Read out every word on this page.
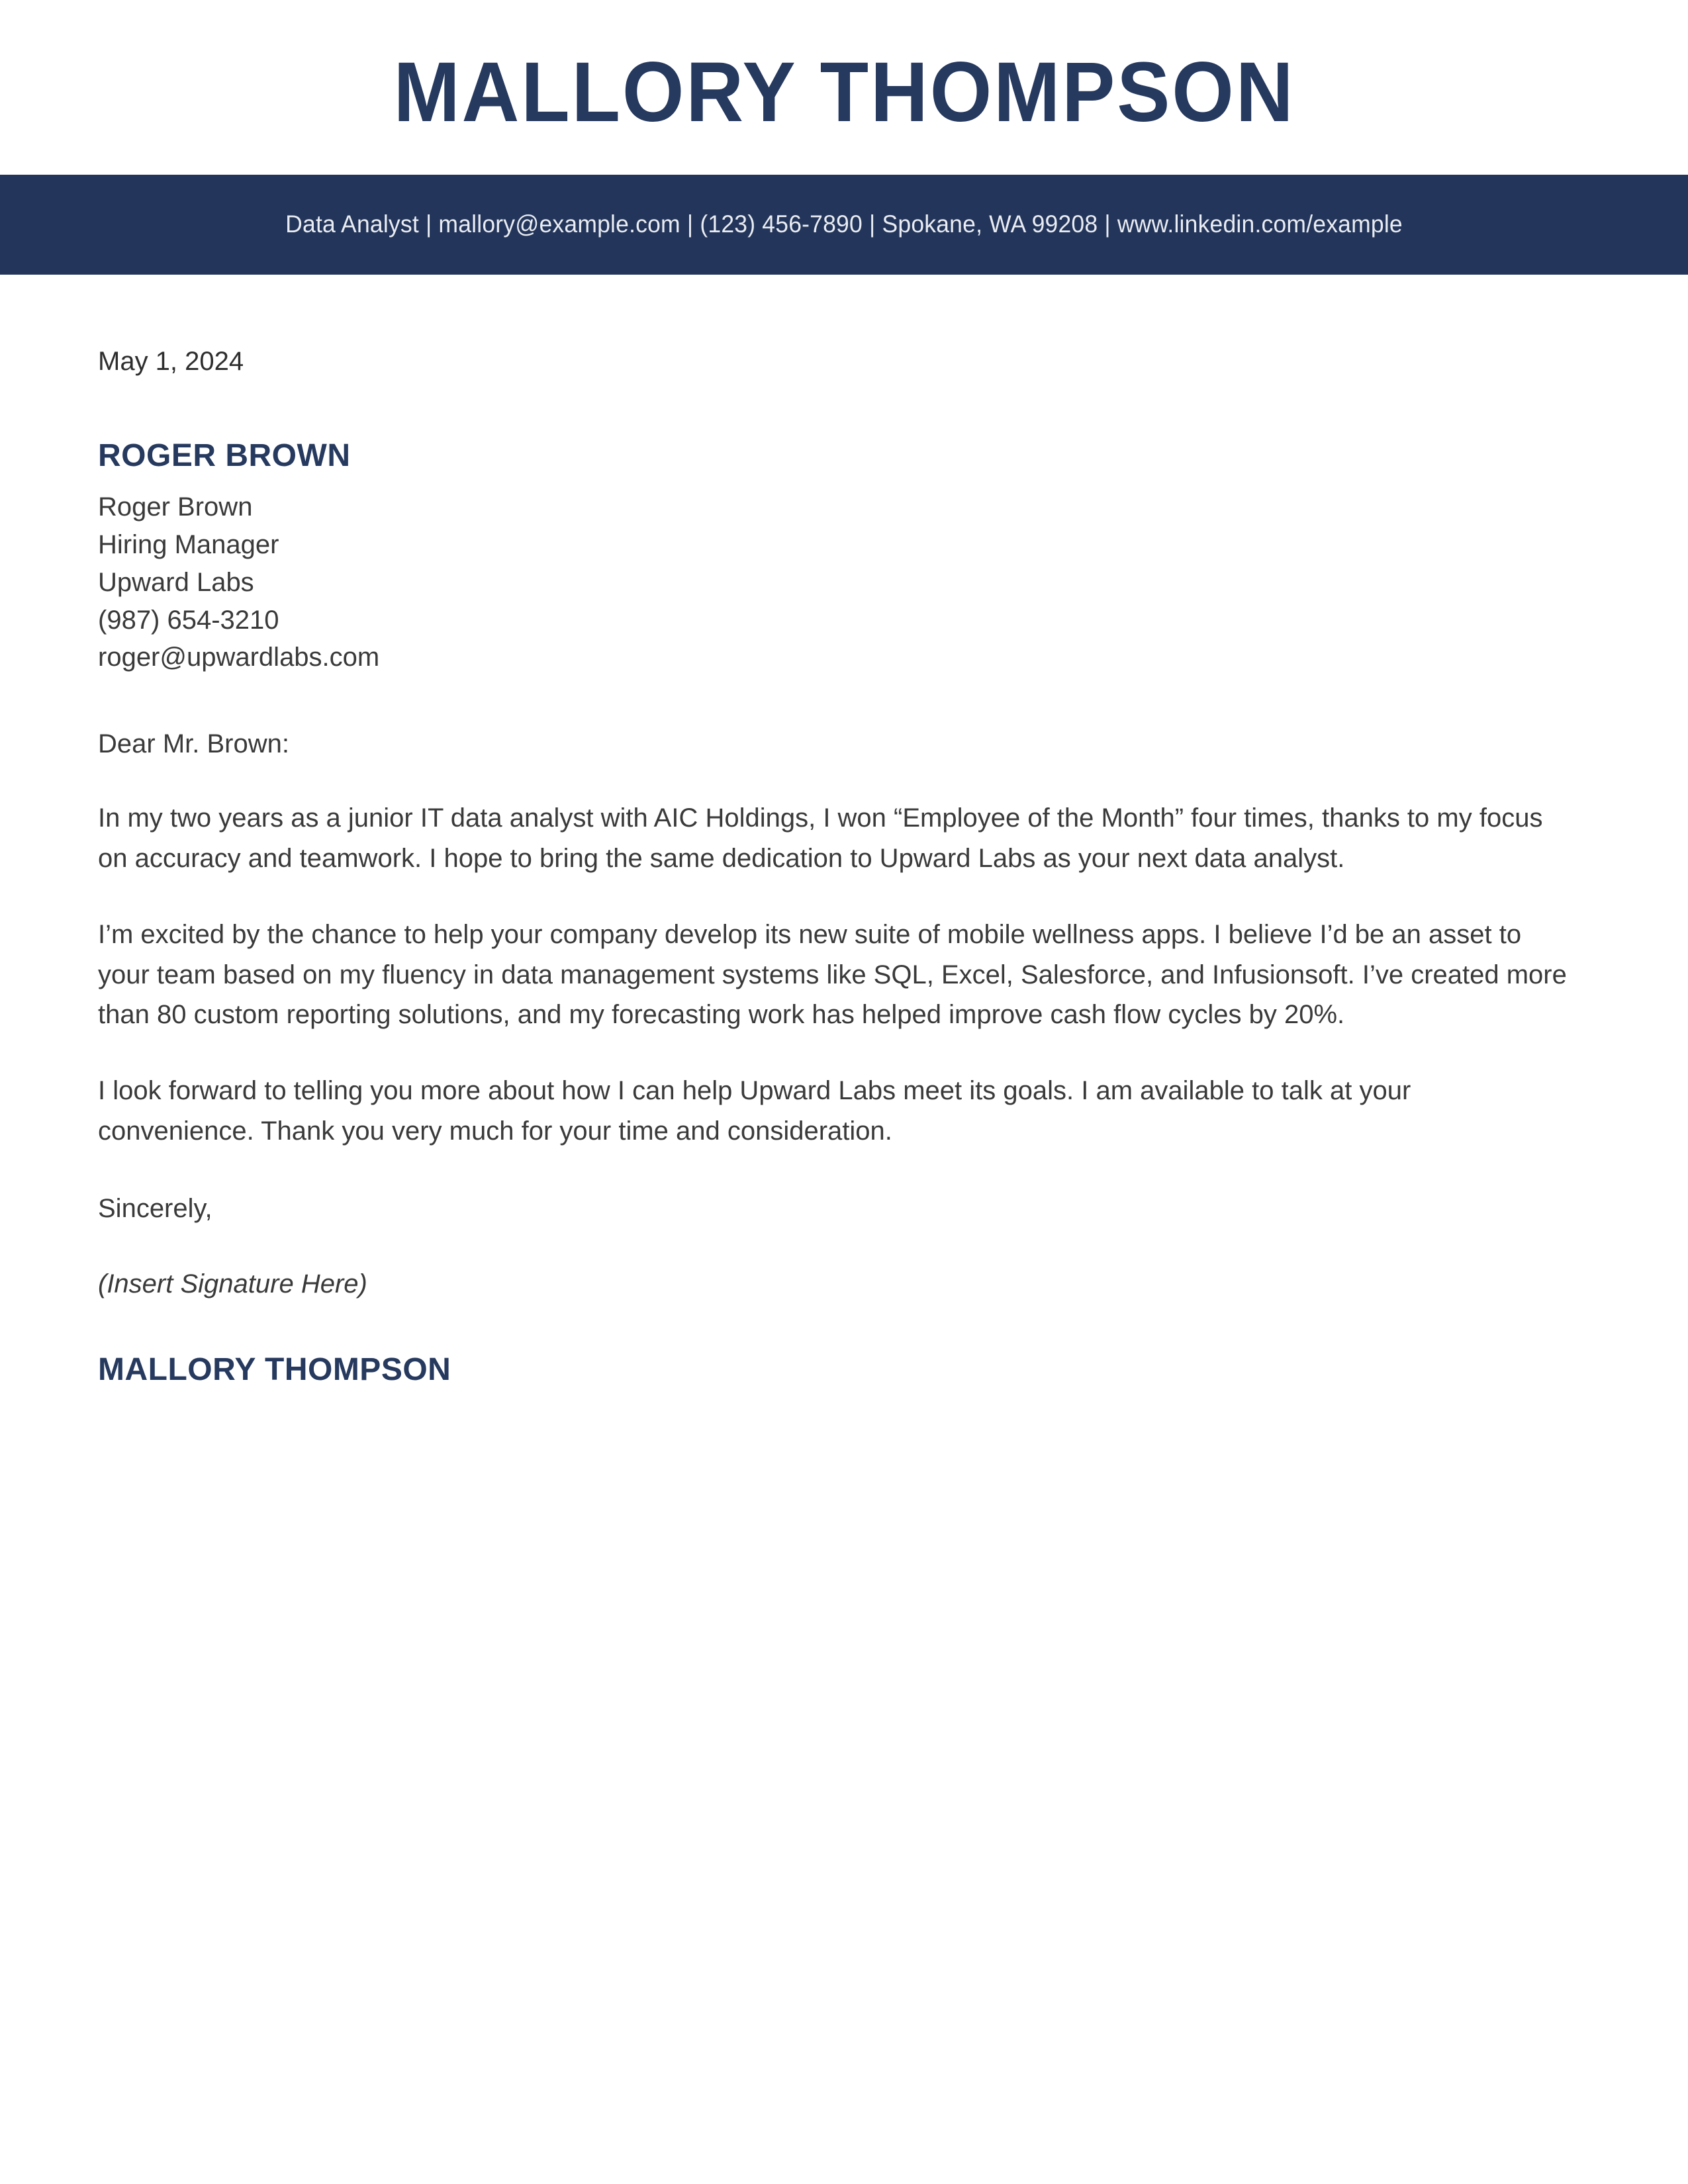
MALLORY THOMPSON
Data Analyst | mallory@example.com | (123) 456-7890 | Spokane, WA 99208 | www.linkedin.com/example
May 1, 2024
ROGER BROWN
Roger Brown
Hiring Manager
Upward Labs
(987) 654-3210
roger@upwardlabs.com

Dear Mr. Brown:

In my two years as a junior IT data analyst with AIC Holdings, I won “Employee of the Month” four times, thanks to my focus on accuracy and teamwork. I hope to bring the same dedication to Upward Labs as your next data analyst.

I’m excited by the chance to help your company develop its new suite of mobile wellness apps. I believe I’d be an asset to your team based on my fluency in data management systems like SQL, Excel, Salesforce, and Infusionsoft. I’ve created more than 80 custom reporting solutions, and my forecasting work has helped improve cash flow cycles by 20%.

I look forward to telling you more about how I can help Upward Labs meet its goals. I am available to talk at your convenience. Thank you very much for your time and consideration.

Sincerely,

(Insert Signature Here)

MALLORY THOMPSON
